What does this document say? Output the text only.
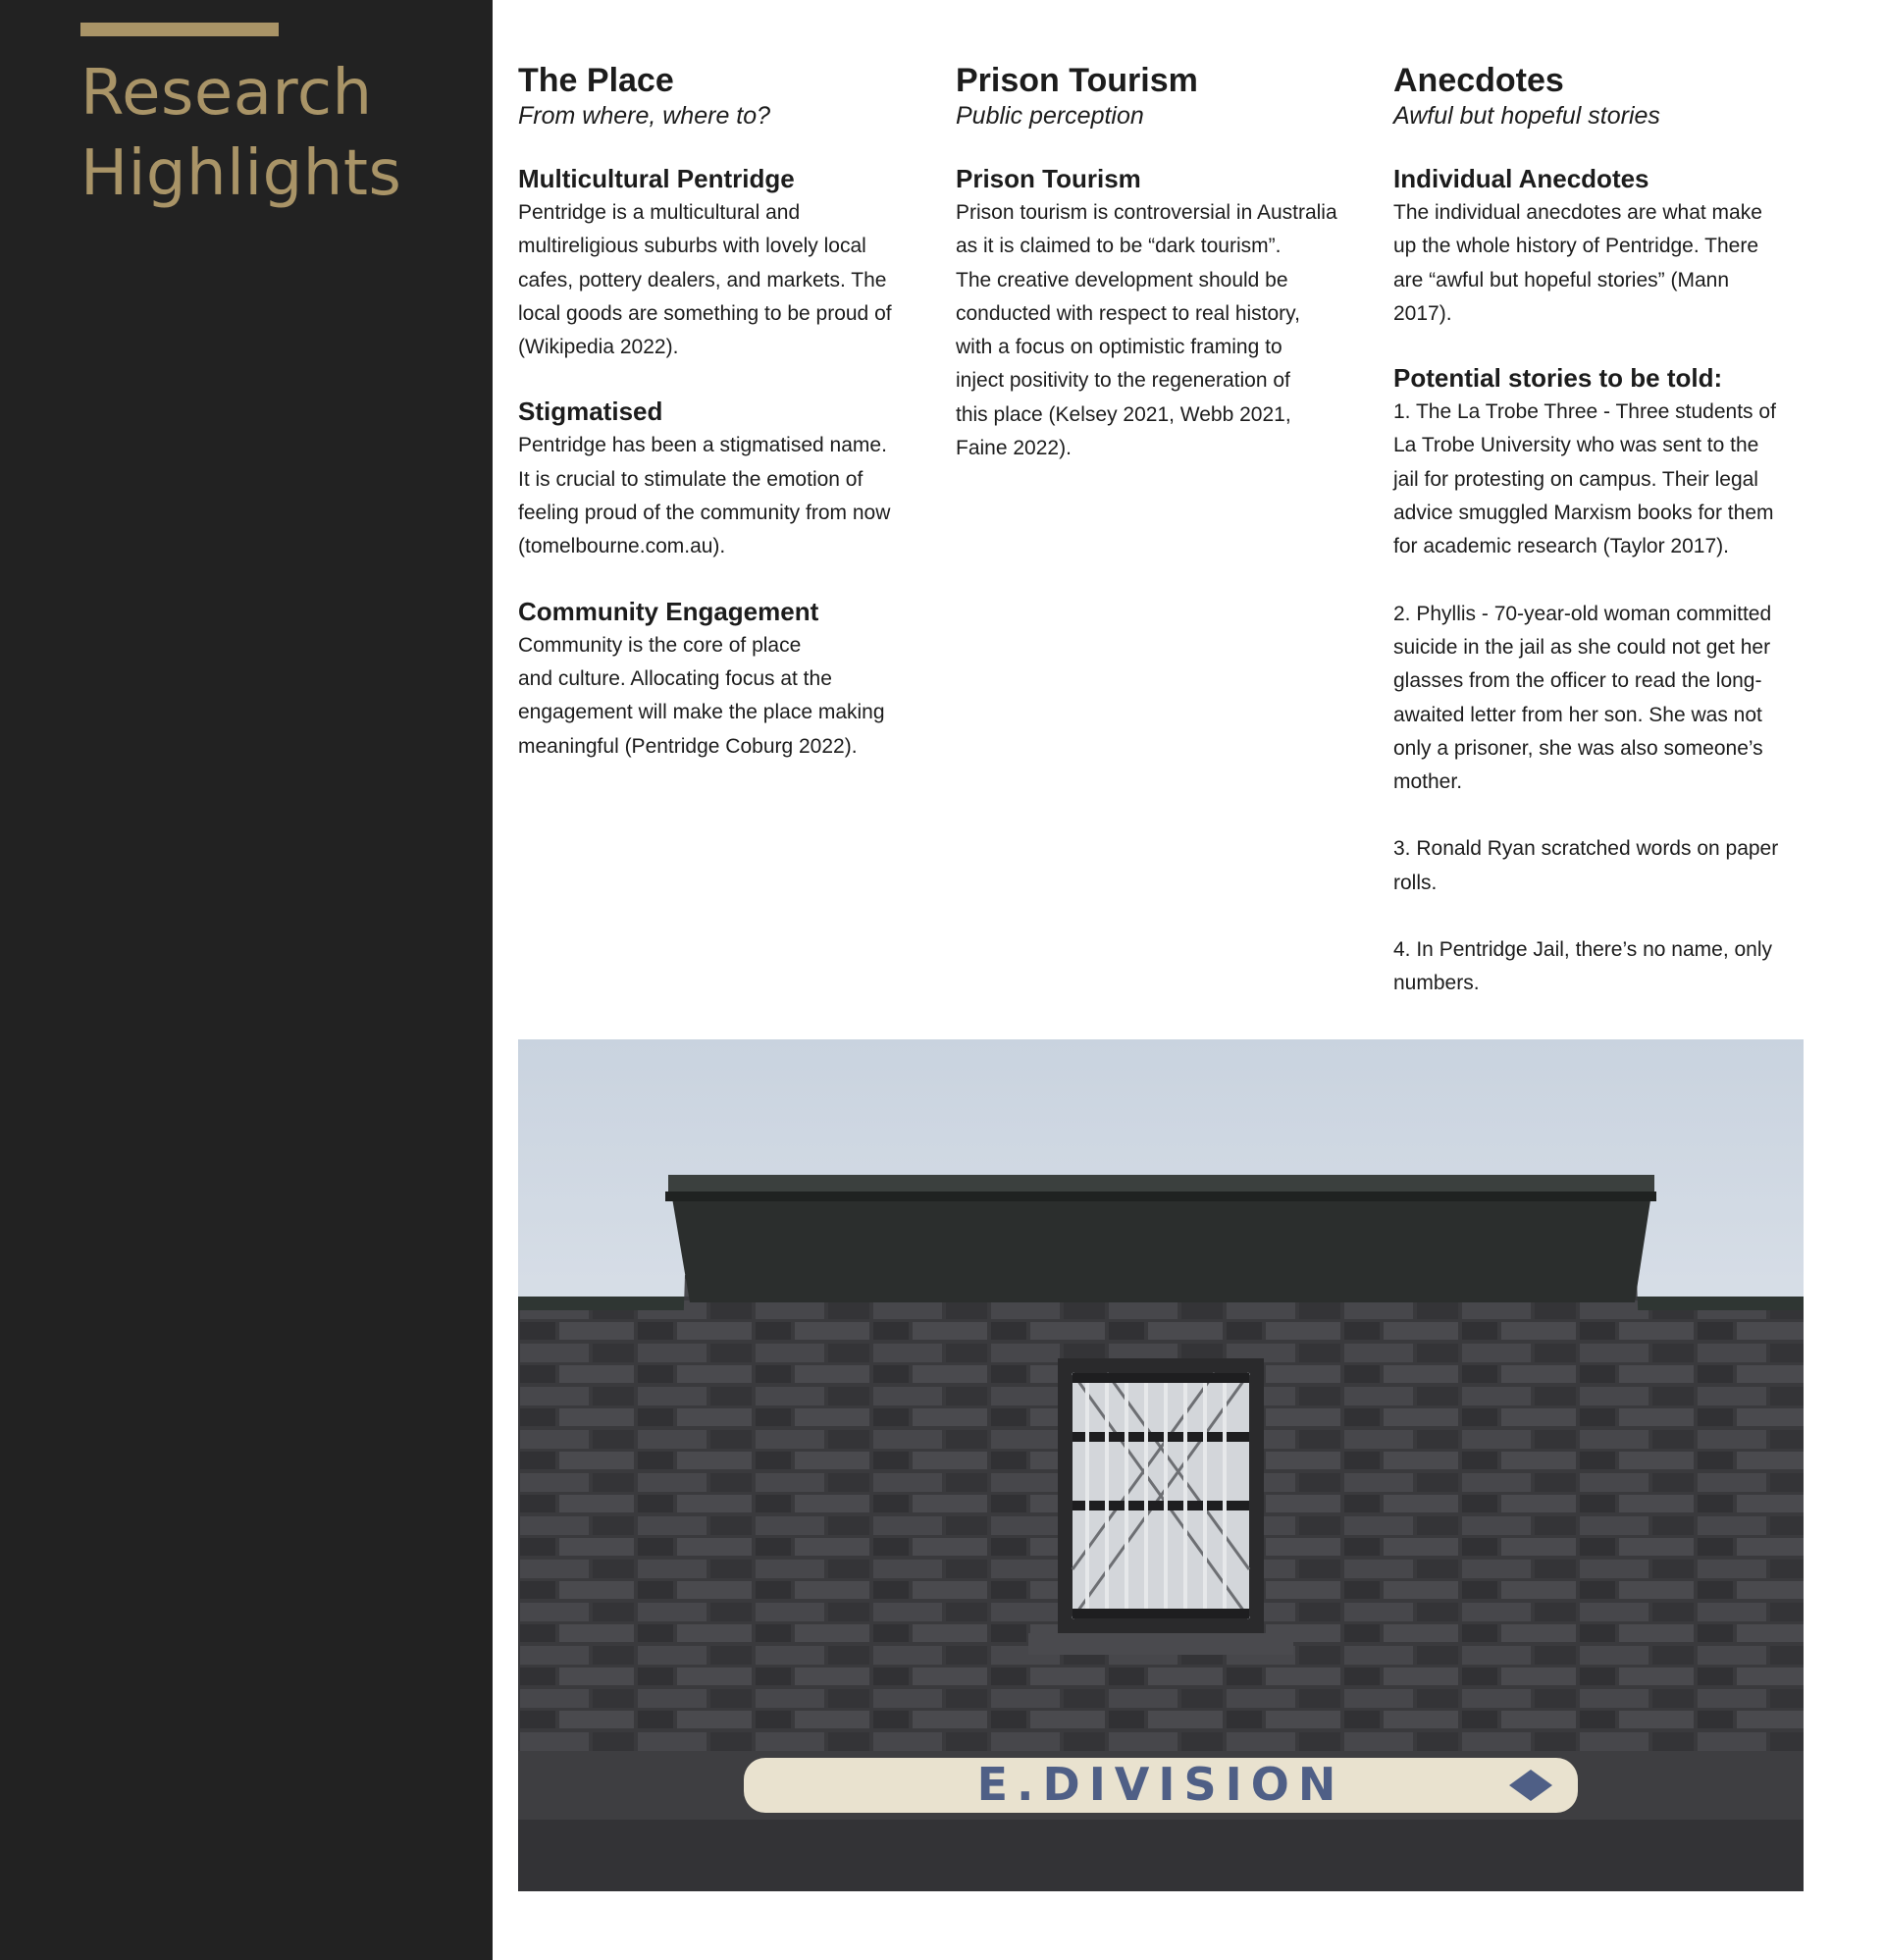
Research
Highlights
The Place

From where, where to?

Multicultural Pentridge

Pentridge is a multicultural and
multireligious suburbs with lovely local
cafes, pottery dealers, and markets. The
local goods are something to be proud of
(Wikipedia 2022).

Stigmatised

Pentridge has been a stigmatised name.
It is crucial to stimulate the emotion of
feeling proud of the community from now
(tomelbourne.com.au).

Community Engagement

Community is the core of place
and culture. Allocating focus at the
engagement will make the place making
meaningful (Pentridge Coburg 2022).

Prison Tourism

Public perception

Prison Tourism

Prison tourism is controversial in Australia
as it is claimed to be “dark tourism”.
The creative development should be
conducted with respect to real history,
with a focus on optimistic framing to
inject positivity to the regeneration of
this place (Kelsey 2021, Webb 2021,
Faine 2022).

Anecdotes

Awful but hopeful stories

Individual Anecdotes

The individual anecdotes are what make
up the whole history of Pentridge. There
are “awful but hopeful stories” (Mann
2017).

Potential stories to be told:

1. The La Trobe Three - Three students of
La Trobe University who was sent to the
jail for protesting on campus. Their legal
advice smuggled Marxism books for them
for academic research (Taylor 2017).

2. Phyllis - 70-year-old woman committed
suicide in the jail as she could not get her
glasses from the officer to read the long-
awaited letter from her son. She was not
only a prisoner, she was also someone’s
mother.

3. Ronald Ryan scratched words on paper
rolls.

4. In Pentridge Jail, there’s no name, only
numbers.

E.DIVISION
